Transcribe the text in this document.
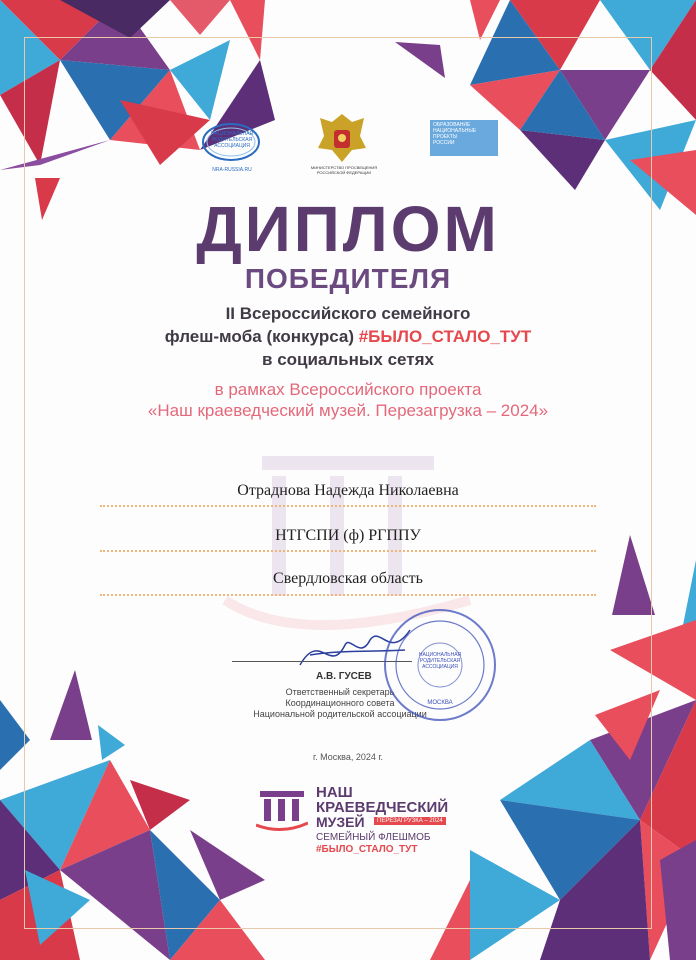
НАЦИОНАЛЬНАЯ
РОДИТЕЛЬСКАЯ
АССОЦИАЦИЯ
NRA-RUSSIA.RU	МИНИСТЕРСТВО ПРОСВЕЩЕНИЯ
РОССИЙСКОЙ ФЕДЕРАЦИИ
ОБРАЗОВАНИЕ
НАЦИОНАЛЬНЫЕ
ПРОЕКТЫ
РОССИИ
ДИПЛОМ
ПОБЕДИТЕЛЯ
II Всероссийского семейного
флеш-моба (конкурса) #БЫЛО_СТАЛО_ТУТ
в социальных сетях
в рамках Всероссийского проекта
«Наш краеведческий музей. Перезагрузка – 2024»
Отраднова Надежда Николаевна
НТГСПИ (ф) РГППУ
Свердловская область
А.В. ГУСЕВ
Ответственный секретарь
Координационного совета
Национальной родительской ассоциации
НАЦИОНАЛЬНАЯ
РОДИТЕЛЬСКАЯ
АССОЦИАЦИЯ
МОСКВА
г. Москва, 2024 г.
НАШ
КРАЕВЕДЧЕСКИЙ
МУЗЕЙ	ПЕРЕЗАГРУЗКА – 2024
СЕМЕЙНЫЙ ФЛЕШМОБ
#БЫЛО_СТАЛО_ТУТ
